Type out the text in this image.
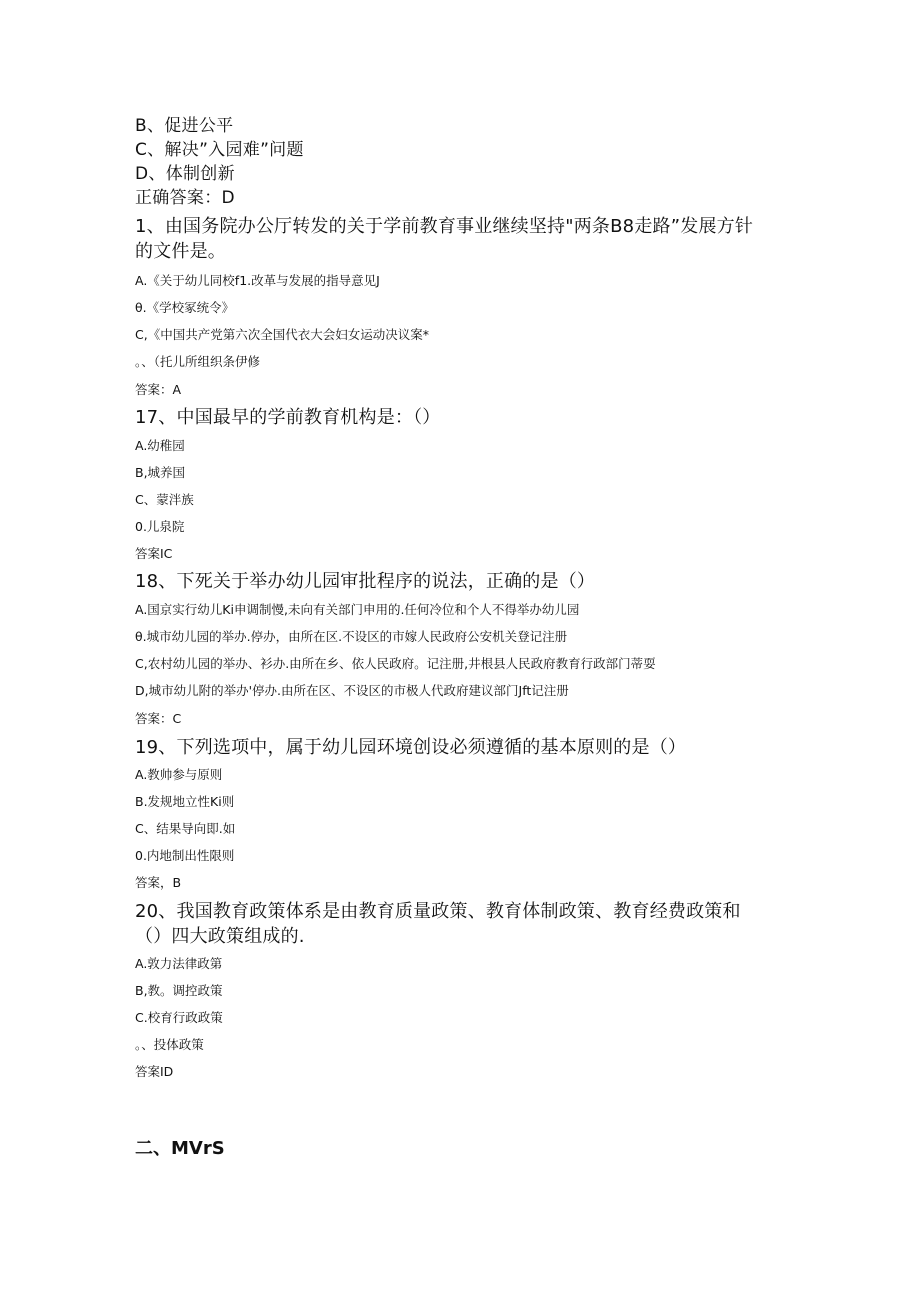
B、促进公平
C、解决”入园难”问题
D、体制创新
正确答案：D
1、由国务院办公厅转发的关于学前教育事业继续坚持"两条B8走路”发展方针
的文件是。
A.《关于幼儿同校f1.改革与发展的指导意见J
θ.《学校冢统令》
C,《中国共产党第六次全国代衣大会妇女运动决议案*
。、（托儿所组织条伊修
答案：A
17、中国最早的学前教育机构是：（）
A.幼稚园
B,城养国
C、蒙泮族
0.儿泉院
答案IC
18、下死关于举办幼儿园审批程序的说法，正确的是（）
A.国京实行幼儿Ki申调制慢,未向有关部门申用的.任何冷位和个人不得举办幼儿园
θ.城市幼儿园的举办.停办，由所在区.不设区的市嫁人民政府公安机关登记注册
C,农村幼儿园的举办、衫办.由所在乡、依人民政府。记注册,井根县人民政府教育行政部门蒂耍
D,城市幼儿附的举办'停办.由所在区、不设区的市极人代政府建议部门Jft记注册
答案：C
19、下列选项中，属于幼儿园环境创设必须遵循的基本原则的是（）
A.教帅参与原则
B.发规地立性Ki则
C、结果导向即.如
0.内地制出性限则
答案，B
20、我国教育政策体系是由教育质量政策、教育体制政策、教育经费政策和
（）四大政策组成的.
A.敦力法律政第
B,教。调控政策
C.校育行政政策
。、投体政策
答案ID
二、MVrS
